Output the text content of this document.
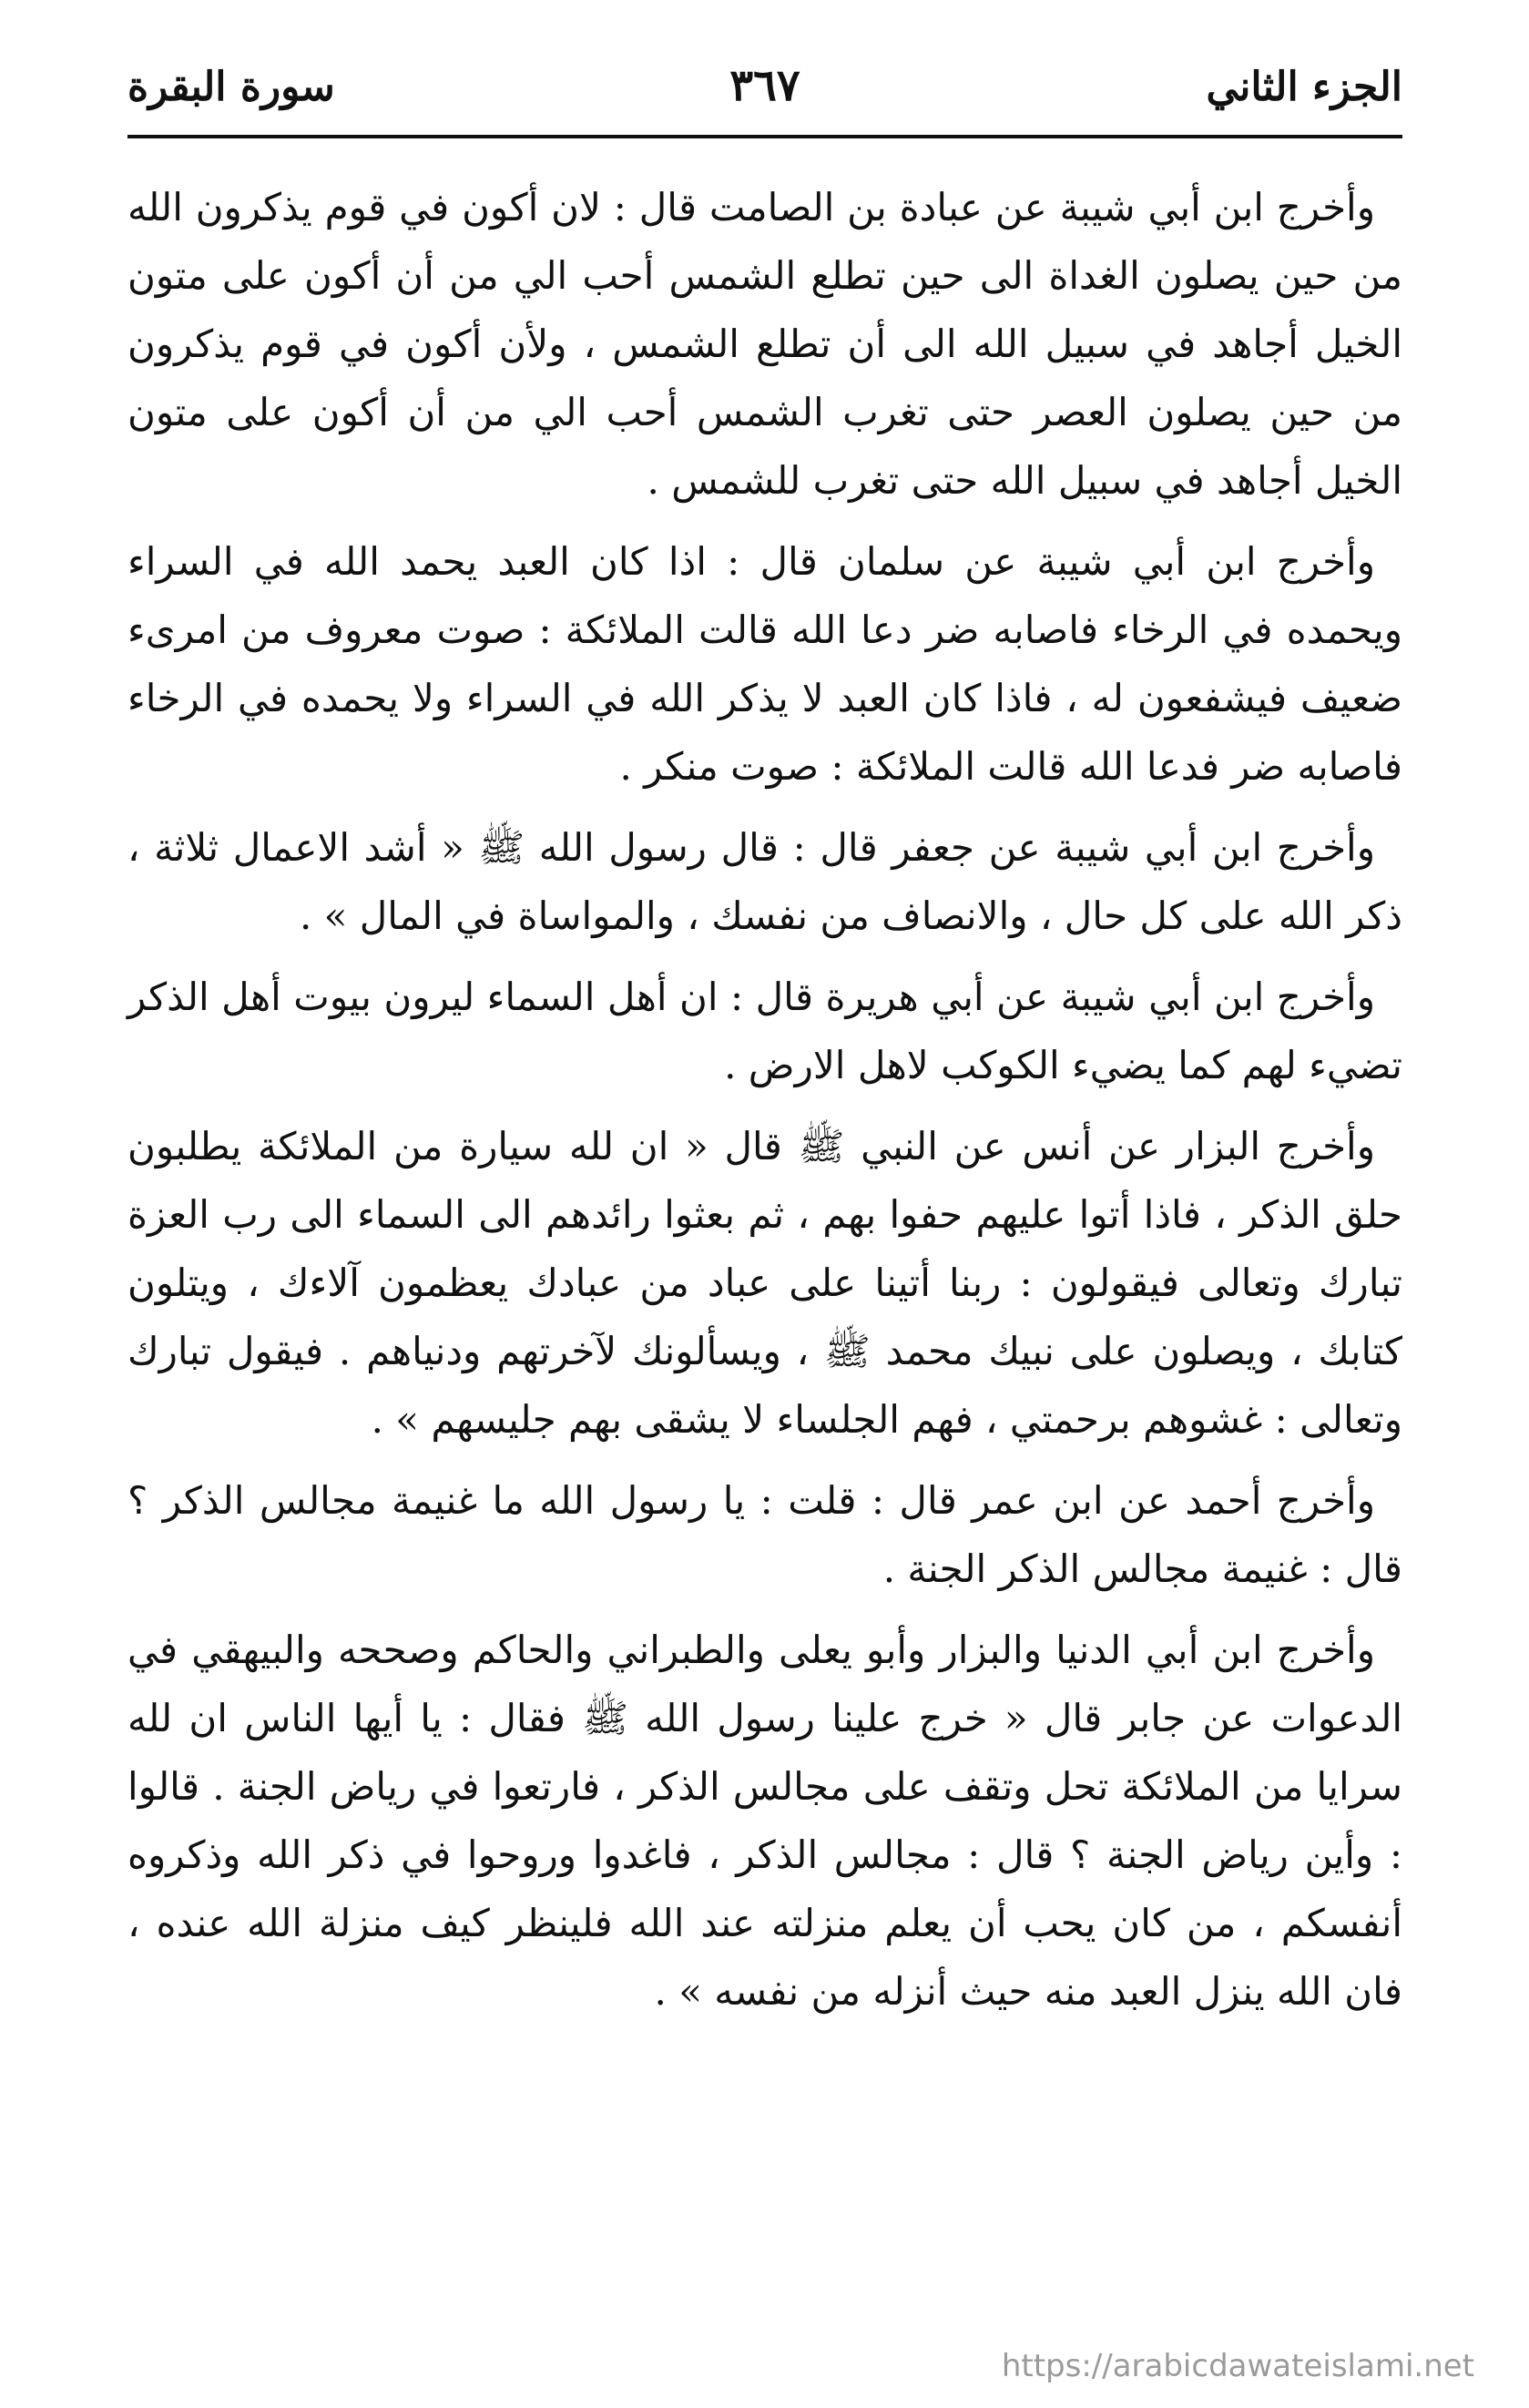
الجزء الثاني
٣٦٧
سورة البقرة

وأخرج ابن أبي شيبة عن عبادة بن الصامت قال : لان أكون في قوم يذكرون الله من حين يصلون الغداة الى حين تطلع الشمس أحب الي من أن أكون على متون الخيل أجاهد في سبيل الله الى أن تطلع الشمس ، ولأن أكون في قوم يذكرون من حين يصلون العصر حتى تغرب الشمس أحب الي من أن أكون على متون الخيل أجاهد في سبيل الله حتى تغرب للشمس .

وأخرج ابن أبي شيبة عن سلمان قال : اذا كان العبد يحمد الله في السراء ويحمده في الرخاء فاصابه ضر دعا الله قالت الملائكة : صوت معروف من امرىء ضعيف فيشفعون له ، فاذا كان العبد لا يذكر الله في السراء ولا يحمده في الرخاء فاصابه ضر فدعا الله قالت الملائكة : صوت منكر .

وأخرج ابن أبي شيبة عن جعفر قال : قال رسول الله ﷺ « أشد الاعمال ثلاثة ، ذكر الله على كل حال ، والانصاف من نفسك ، والمواساة في المال » .

وأخرج ابن أبي شيبة عن أبي هريرة قال : ان أهل السماء ليرون بيوت أهل الذكر تضيء لهم كما يضيء الكوكب لاهل الارض .

وأخرج البزار عن أنس عن النبي ﷺ قال « ان لله سيارة من الملائكة يطلبون حلق الذكر ، فاذا أتوا عليهم حفوا بهم ، ثم بعثوا رائدهم الى السماء الى رب العزة تبارك وتعالى فيقولون : ربنا أتينا على عباد من عبادك يعظمون آلاءك ، ويتلون كتابك ، ويصلون على نبيك محمد ﷺ ، ويسألونك لآخرتهم ودنياهم . فيقول تبارك وتعالى : غشوهم برحمتي ، فهم الجلساء لا يشقى بهم جليسهم » .

وأخرج أحمد عن ابن عمر قال : قلت : يا رسول الله ما غنيمة مجالس الذكر ؟ قال : غنيمة مجالس الذكر الجنة .

وأخرج ابن أبي الدنيا والبزار وأبو يعلى والطبراني والحاكم وصححه والبيهقي في الدعوات عن جابر قال « خرج علينا رسول الله ﷺ فقال : يا أيها الناس ان لله سرايا من الملائكة تحل وتقف على مجالس الذكر ، فارتعوا في رياض الجنة . قالوا : وأين رياض الجنة ؟ قال : مجالس الذكر ، فاغدوا وروحوا في ذكر الله وذكروه أنفسكم ، من كان يحب أن يعلم منزلته عند الله فلينظر كيف منزلة الله عنده ، فان الله ينزل العبد منه حيث أنزله من نفسه » .

https://arabicdawateislami.net
